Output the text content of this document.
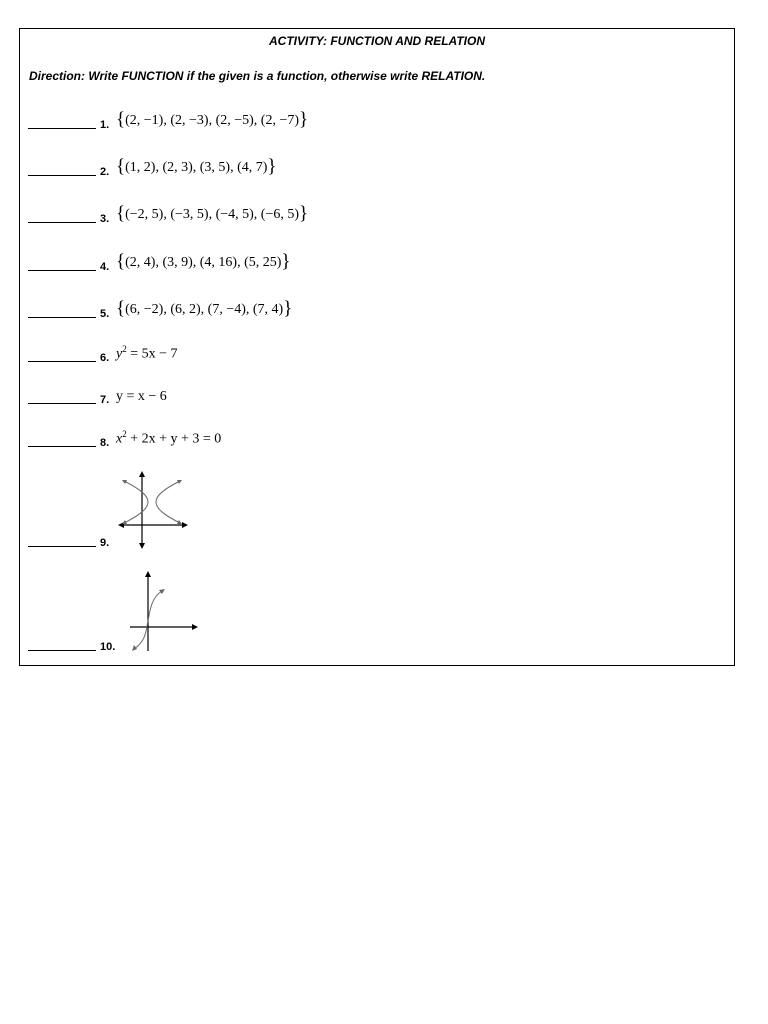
ACTIVITY: FUNCTION AND RELATION
Direction: Write FUNCTION if the given is a function, otherwise write RELATION.
1. {(2, −1), (2, −3), (2, −5), (2, −7)}
2. {(1, 2), (2, 3), (3, 5), (4, 7)}
3. {(−2, 5), (−3, 5), (−4, 5), (−6, 5)}
4. {(2, 4), (3, 9), (4, 16), (5, 25)}
5. {(6, −2), (6, 2), (7, −4), (7, 4)}
6. $y^2 = 5x - 7$
7. y = x − 6
8. $x^2 + 2x + y + 3 = 0$
9.
10.
